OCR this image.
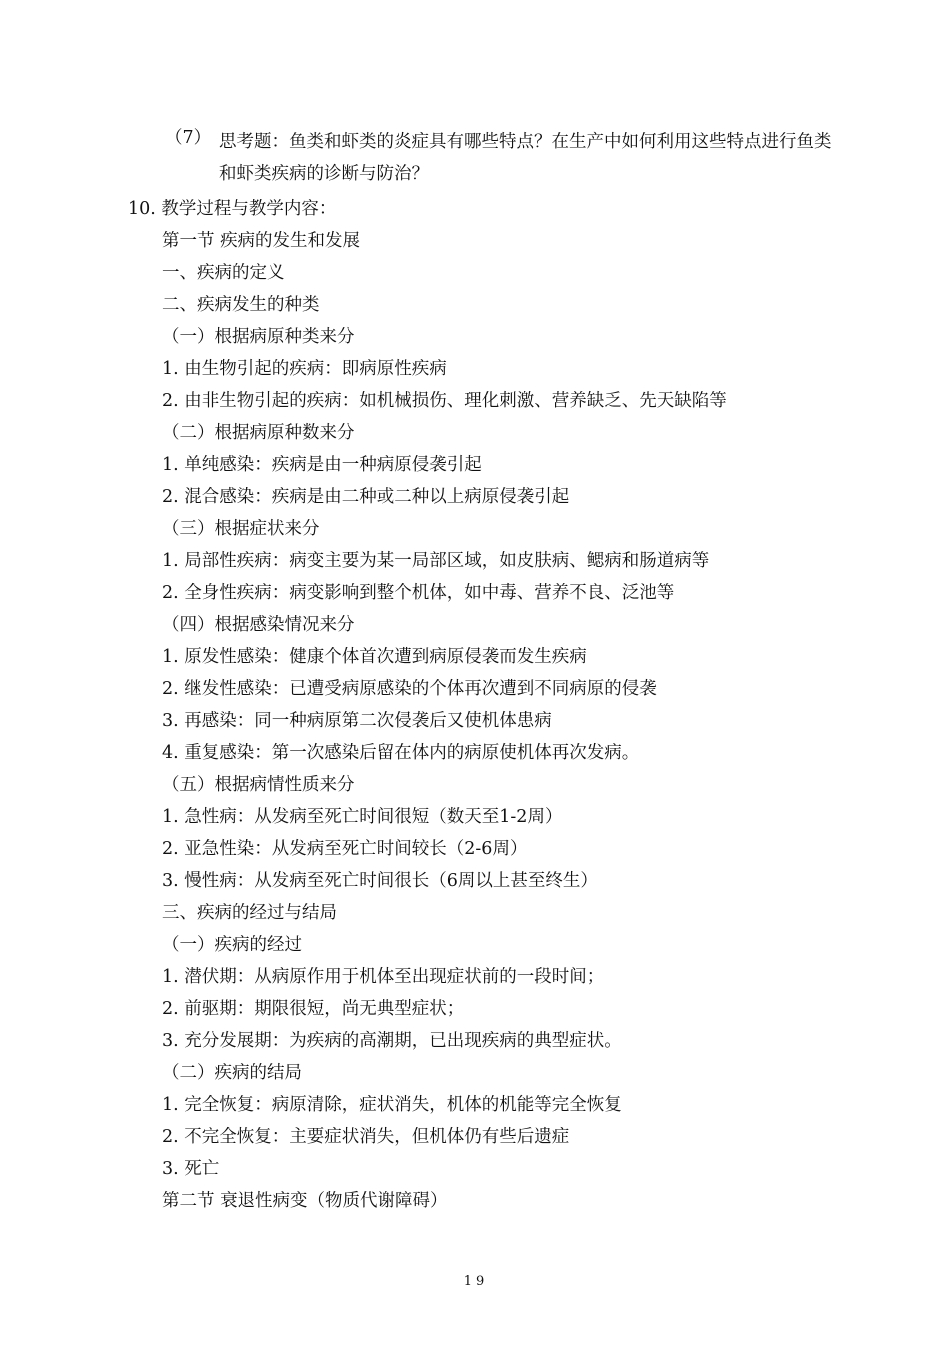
（7） 思考题：鱼类和虾类的炎症具有哪些特点？在生产中如何利用这些特点进行鱼类和虾类疾病的诊断与防治？
10. 教学过程与教学内容：
第一节 疾病的发生和发展
一、疾病的定义
二、疾病发生的种类
（一）根据病原种类来分
1. 由生物引起的疾病：即病原性疾病
2. 由非生物引起的疾病：如机械损伤、理化刺激、营养缺乏、先天缺陷等
（二）根据病原种数来分
1. 单纯感染：疾病是由一种病原侵袭引起
2. 混合感染：疾病是由二种或二种以上病原侵袭引起
（三）根据症状来分
1. 局部性疾病：病变主要为某一局部区域，如皮肤病、鳃病和肠道病等
2. 全身性疾病：病变影响到整个机体，如中毒、营养不良、泛池等
（四）根据感染情况来分
1. 原发性感染：健康个体首次遭到病原侵袭而发生疾病
2. 继发性感染：已遭受病原感染的个体再次遭到不同病原的侵袭
3. 再感染：同一种病原第二次侵袭后又使机体患病
4. 重复感染：第一次感染后留在体内的病原使机体再次发病。
（五）根据病情性质来分
1. 急性病：从发病至死亡时间很短（数天至1-2周）
2. 亚急性染：从发病至死亡时间较长（2-6周）
3. 慢性病：从发病至死亡时间很长（6周以上甚至终生）
三、疾病的经过与结局
（一）疾病的经过
1. 潜伏期：从病原作用于机体至出现症状前的一段时间；
2. 前驱期：期限很短，尚无典型症状；
3. 充分发展期：为疾病的高潮期，已出现疾病的典型症状。
（二）疾病的结局
1. 完全恢复：病原清除，症状消失，机体的机能等完全恢复
2. 不完全恢复：主要症状消失，但机体仍有些后遗症
3. 死亡
第二节 衰退性病变（物质代谢障碍）
19
